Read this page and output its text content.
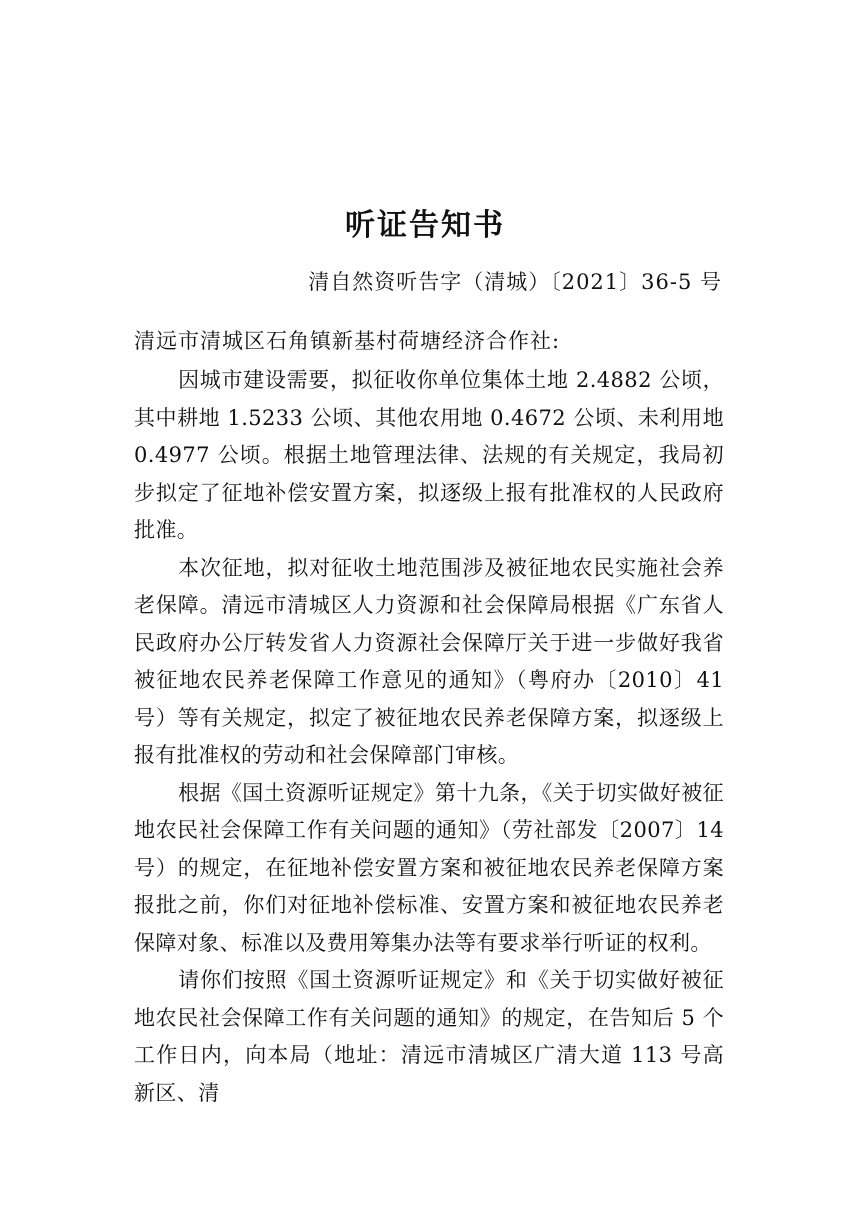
听证告知书
清自然资听告字（清城）〔2021〕36-5 号
清远市清城区石角镇新基村荷塘经济合作社:

因城市建设需要，拟征收你单位集体土地 2.4882 公顷，其中耕地 1.5233 公顷、其他农用地 0.4672 公顷、未利用地 0.4977 公顷。根据土地管理法律、法规的有关规定，我局初步拟定了征地补偿安置方案，拟逐级上报有批准权的人民政府批准。

本次征地，拟对征收土地范围涉及被征地农民实施社会养老保障。清远市清城区人力资源和社会保障局根据《广东省人民政府办公厅转发省人力资源社会保障厅关于进一步做好我省被征地农民养老保障工作意见的通知》（粤府办〔2010〕41 号）等有关规定，拟定了被征地农民养老保障方案，拟逐级上报有批准权的劳动和社会保障部门审核。

根据《国土资源听证规定》第十九条，《关于切实做好被征地农民社会保障工作有关问题的通知》（劳社部发〔2007〕14 号）的规定，在征地补偿安置方案和被征地农民养老保障方案报批之前，你们对征地补偿标准、安置方案和被征地农民养老保障对象、标准以及费用筹集办法等有要求举行听证的权利。

请你们按照《国土资源听证规定》和《关于切实做好被征地农民社会保障工作有关问题的通知》的规定，在告知后 5 个工作日内，向本局（地址：清远市清城区广清大道 113 号高新区、清
